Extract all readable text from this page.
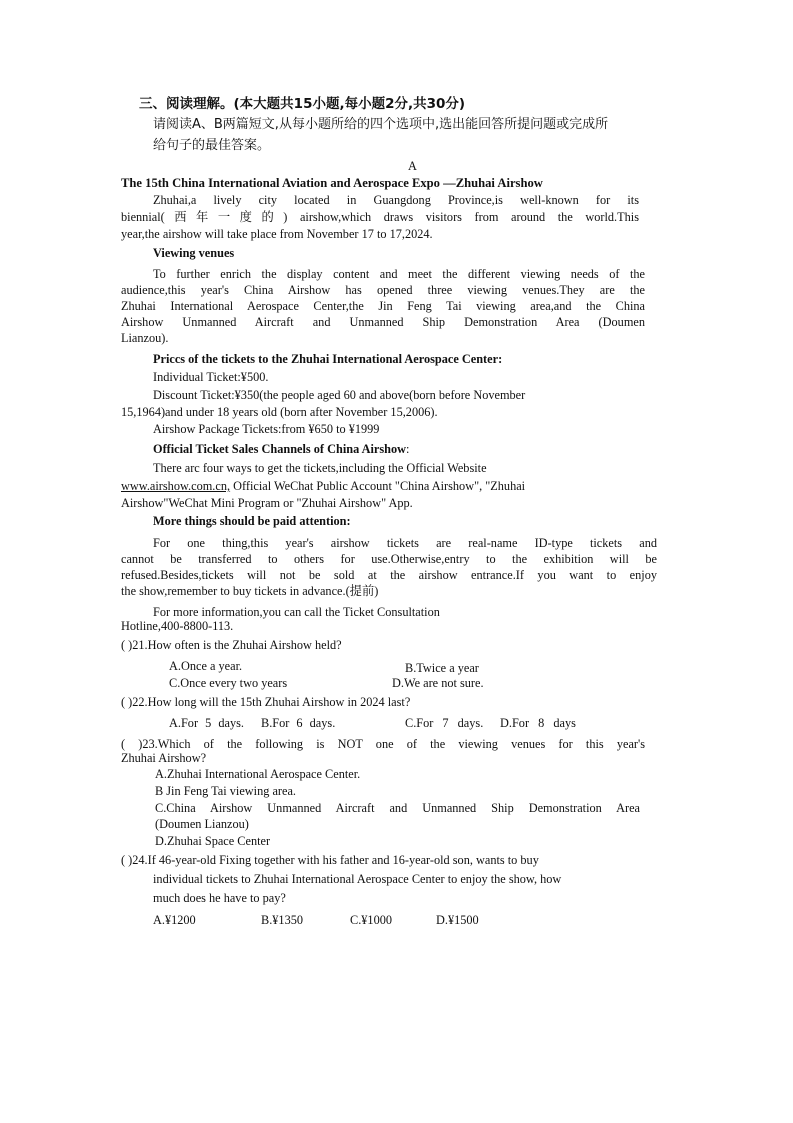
三、阅读理解。(本大题共15小题,每小题2分,共30分)
请阅读A、B两篇短文,从每小题所给的四个选项中,选出能回答所提问题或完成所
给句子的最佳答案。
A
The 15th China International Aviation and Aerospace Expo —Zhuhai Airshow
Zhuhai,a lively city located in Guangdong Province,is well-known for its
biennial(西年一度的) airshow,which draws visitors from around the world.This
year,the airshow will take place from November 17 to 17,2024.
Viewing venues
To further enrich the display content and meet the different viewing needs of the
audience,this year's China Airshow has opened three viewing venues.They are the
Zhuhai International Aerospace Center,the Jin Feng Tai viewing area,and the China
Airshow Unmanned Aircraft and Unmanned Ship Demonstration Area (Doumen
Lianzou).
Priccs of the tickets to the Zhuhai International Aerospace Center:
Individual Ticket:¥500.
Discount Ticket:¥350(the people aged 60 and above(born before November
15,1964)and under 18 years old (born after November 15,2006).
Airshow Package Tickets:from ¥650 to ¥1999
Official Ticket Sales Channels of China Airshow:
There arc four ways to get the tickets,including the Official Website
www.airshow.com.cn, Official WeChat Public Account "China Airshow", "Zhuhai
Airshow"WeChat Mini Program or "Zhuhai Airshow" App.
More things should be paid attention:
For one thing,this year's airshow tickets are real-name ID-type tickets and
cannot be transferred to others for use.Otherwise,entry to the exhibition will be
refused.Besides,tickets will not be sold at the airshow entrance.If you want to enjoy
the show,remember to buy tickets in advance.(提前)
For more information,you can call the Ticket Consultation
Hotline,400-8800-113.
( )21.How often is the Zhuhai Airshow held?
A.Once a year.	B.Twice a year
C.Once every two years	D.We are not sure.
( )22.How long will the 15th Zhuhai Airshow in 2024 last?
A.For 5 days. B.For 6 days.	C.For 7 days. D.For 8 days
( )23.Which of the following is NOT one of the viewing venues for this year's
Zhuhai Airshow?
A.Zhuhai International Aerospace Center.
B Jin Feng Tai viewing area.
C.China Airshow Unmanned Aircraft and Unmanned Ship Demonstration Area
(Doumen Lianzou)
D.Zhuhai Space Center
( )24.If 46-year-old Fixing together with his father and 16-year-old son, wants to buy
individual tickets to Zhuhai International Aerospace Center to enjoy the show, how
much does he have to pay?
A.¥1200	B.¥1350	C.¥1000	D.¥1500
